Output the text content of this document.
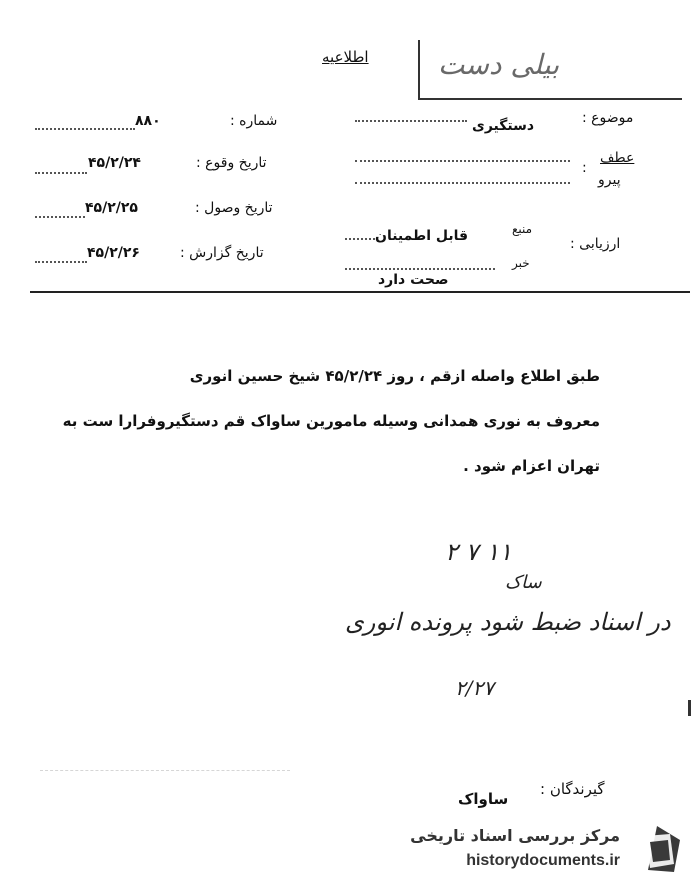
اطلاعیه بیلی دست
شماره :
۸۸۰
تاریخ وقوع :
۴۵/۲/۲۴
تاریخ وصول :
۴۵/۲/۲۵
تاریخ گزارش :
۴۵/۲/۲۶
موضوع :
دستگیری
عطف
پیرو
:
ارزیابی :
منبع
قابل اطمینان
خبر
صحت دارد
طبق اطلاع واصله ازقم ، روز ۴۵/۲/۲۴ شیخ حسین انوری
معروف به نوری همدانی وسیله مامورین ساواک قم دستگیروفرارا ست به
تهران اعزام شود .
۱۱ ۷ ۲
ساک
در اسناد ضبط شود پرونده انوری
۲/۲۷
گیرندگان :
ساواک
مرکز بررسی اسناد تاریخی
historydocuments.ir
